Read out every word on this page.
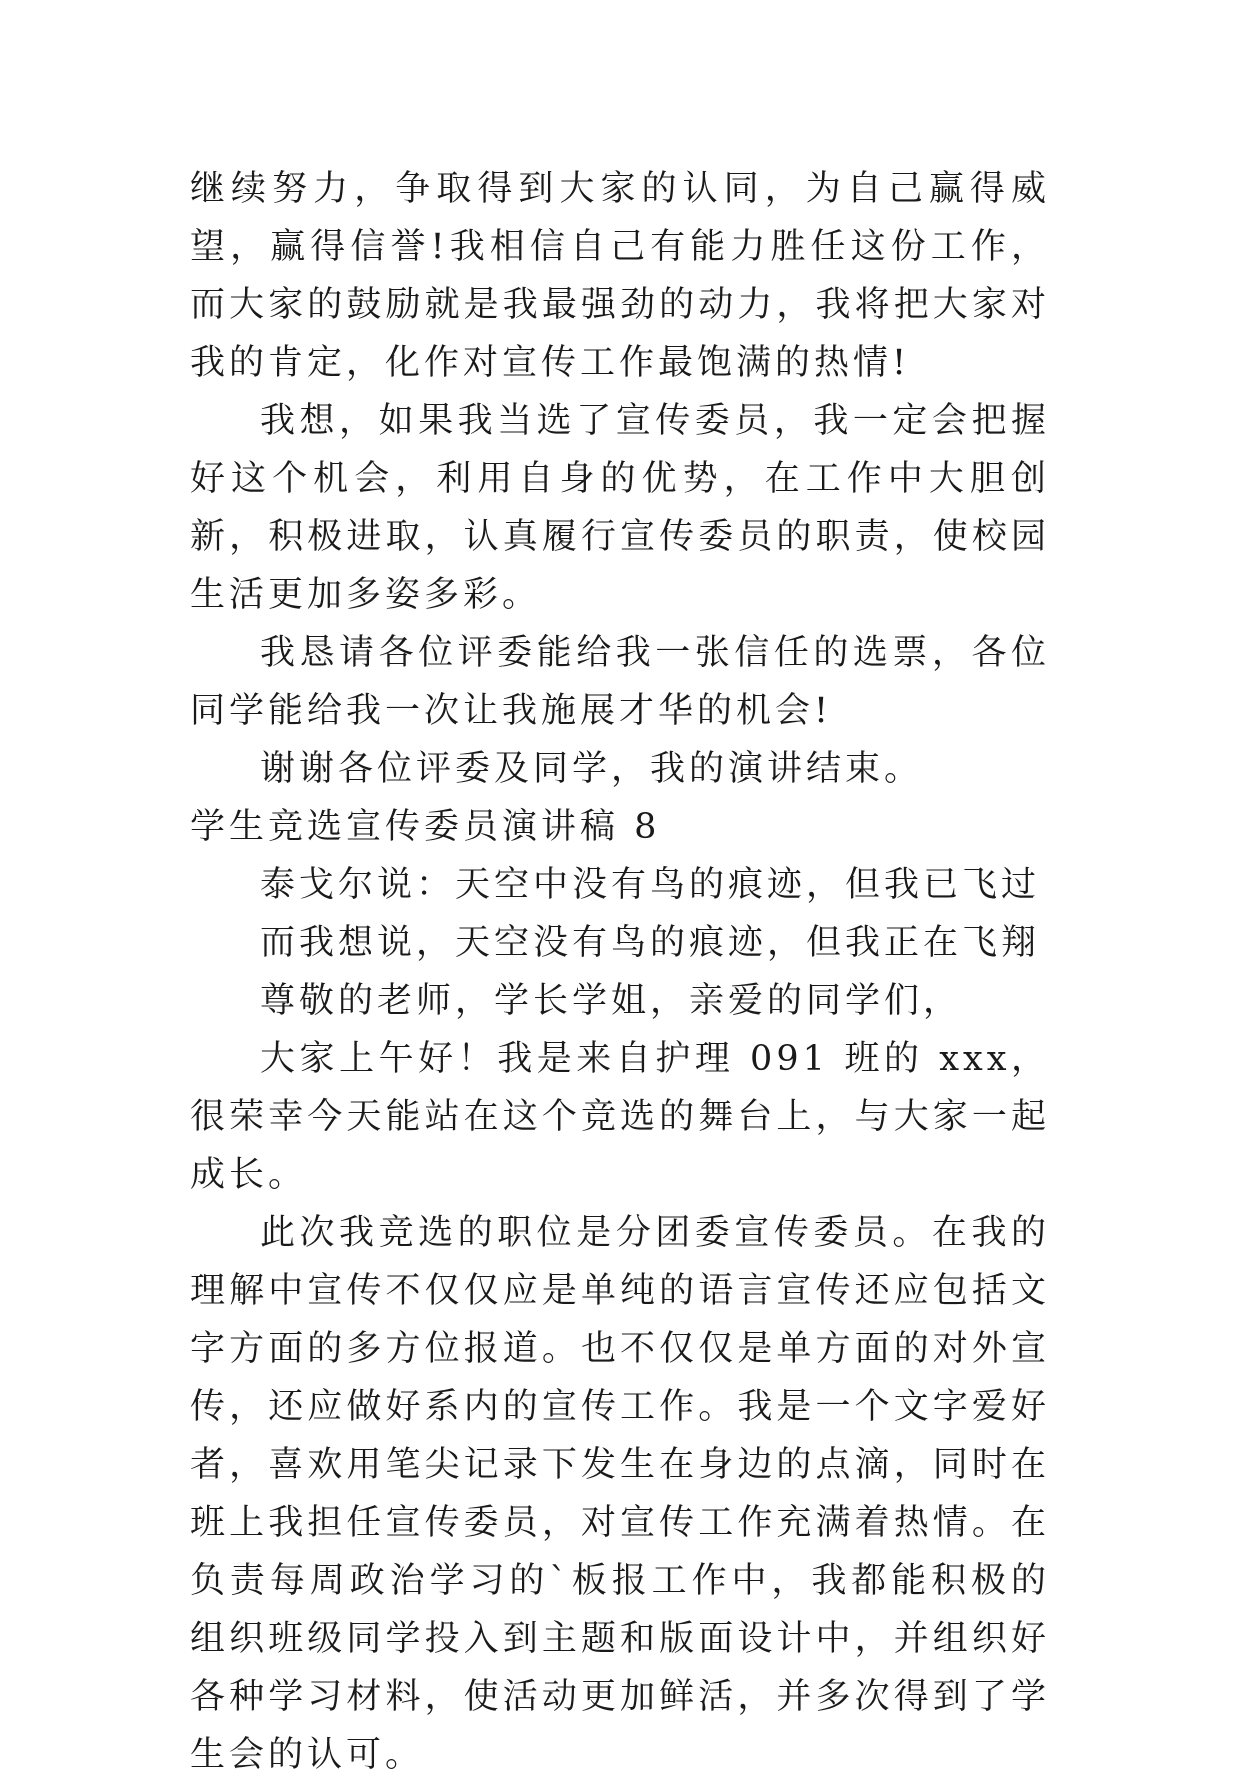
继续努力，争取得到大家的认同，为自己赢得威望，赢得信誉!我相信自己有能力胜任这份工作，而大家的鼓励就是我最强劲的动力，我将把大家对我的肯定，化作对宣传工作最饱满的热情!

我想，如果我当选了宣传委员，我一定会把握好这个机会，利用自身的优势，在工作中大胆创新，积极进取，认真履行宣传委员的职责，使校园生活更加多姿多彩。

我恳请各位评委能给我一张信任的选票，各位同学能给我一次让我施展才华的机会!

谢谢各位评委及同学，我的演讲结束。

学生竞选宣传委员演讲稿 8

泰戈尔说：天空中没有鸟的痕迹，但我已飞过

而我想说，天空没有鸟的痕迹，但我正在飞翔

尊敬的老师，学长学姐，亲爱的同学们，

大家上午好！我是来自护理 091 班的 xxx，很荣幸今天能站在这个竞选的舞台上，与大家一起成长。

此次我竞选的职位是分团委宣传委员。在我的理解中宣传不仅仅应是单纯的语言宣传还应包括文字方面的多方位报道。也不仅仅是单方面的对外宣传，还应做好系内的宣传工作。我是一个文字爱好者，喜欢用笔尖记录下发生在身边的点滴，同时在班上我担任宣传委员，对宣传工作充满着热情。在负责每周政治学习的`板报工作中，我都能积极的组织班级同学投入到主题和版面设计中，并组织好各种学习材料，使活动更加鲜活，并多次得到了学生会的认可。
